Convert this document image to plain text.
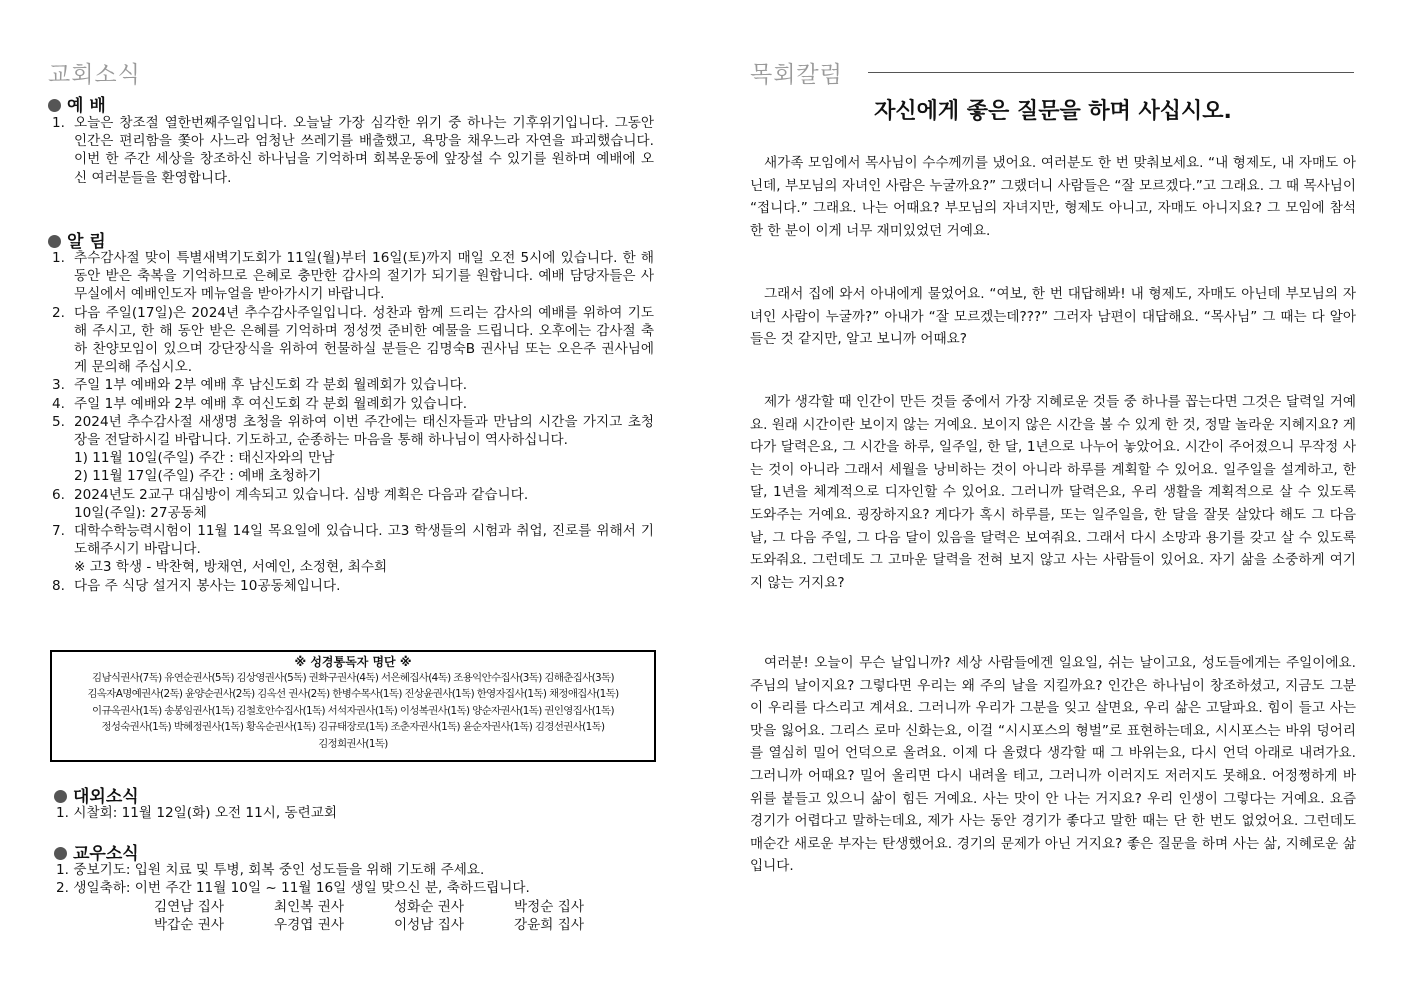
교회소식
예 배
1. 오늘은 창조절 열한번째주일입니다. 오늘날 가장 심각한 위기 중 하나는 기후위기입니다. 그동안 인간은 편리함을 쫓아 사느라 엄청난 쓰레기를 배출했고, 욕망을 채우느라 자연을 파괴했습니다. 이번 한 주간 세상을 창조하신 하나님을 기억하며 회복운동에 앞장설 수 있기를 원하며 예배에 오신 여러분들을 환영합니다.
알 림
1. 추수감사절 맞이 특별새벽기도회가 11일(월)부터 16일(토)까지 매일 오전 5시에 있습니다. 한 해 동안 받은 축복을 기억하므로 은혜로 충만한 감사의 절기가 되기를 원합니다. 예배 담당자들은 사무실에서 예배인도자 메뉴얼을 받아가시기 바랍니다.
2. 다음 주일(17일)은 2024년 추수감사주일입니다. 성찬과 함께 드리는 감사의 예배를 위하여 기도해 주시고, 한 해 동안 받은 은혜를 기억하며 정성껏 준비한 예물을 드립니다. 오후에는 감사절 축하 찬양모임이 있으며 강단장식을 위하여 헌물하실 분들은 김명숙B 권사님 또는 오은주 권사님에게 문의해 주십시오.
3. 주일 1부 예배와 2부 예배 후 남신도회 각 분회 월례회가 있습니다.
4. 주일 1부 예배와 2부 예배 후 여신도회 각 분회 월례회가 있습니다.
5. 2024년 추수감사절 새생명 초청을 위하여 이번 주간에는 태신자들과 만남의 시간을 가지고 초청장을 전달하시길 바랍니다. 기도하고, 순종하는 마음을 통해 하나님이 역사하십니다.
1) 11월 10일(주일) 주간 : 태신자와의 만남
2) 11월 17일(주일) 주간 : 예배 초청하기
6. 2024년도 2교구 대심방이 계속되고 있습니다. 심방 계획은 다음과 같습니다.
10일(주일): 27공동체
7. 대학수학능력시험이 11월 14일 목요일에 있습니다. 고3 학생들의 시험과 취업, 진로를 위해서 기도해주시기 바랍니다.
※ 고3 학생 - 박찬혁, 방채연, 서예인, 소정현, 최수희
8. 다음 주 식당 설거지 봉사는 10공동체입니다.
※ 성경통독자 명단 ※
김남식권사(7독) 유연순권사(5독) 김상영권사(5독) 권화구권사(4독) 서은혜집사(4독) 조용익안수집사(3독) 김해춘집사(3독)
김옥자A명예권사(2독) 윤양순권사(2독) 김옥선 권사(2독) 한병수목사(1독) 진상윤권사(1독) 한영자집사(1독) 채정애집사(1독)
이규옥권사(1독) 송봉임권사(1독) 김철호안수집사(1독) 서석자권사(1독) 이성복권사(1독) 양순자권사(1독) 권인영집사(1독)
정성숙권사(1독) 박혜정권사(1독) 황옥순권사(1독) 김규태장로(1독) 조춘자권사(1독) 윤순자권사(1독) 김경선권사(1독)
김정희권사(1독)
대외소식
1. 시찰회: 11월 12일(화) 오전 11시, 동련교회
교우소식
1. 중보기도: 입원 치료 및 투병, 회복 중인 성도들을 위해 기도해 주세요.
2. 생일축하: 이번 주간 11월 10일 ~ 11월 16일 생일 맞으신 분, 축하드립니다.
김연남 집사	최인복 권사	성화순 권사	박정순 집사
박갑순 권사	우경엽 권사	이성남 집사	강윤희 집사
목회칼럼
자신에게 좋은 질문을 하며 사십시오.

새가족 모임에서 목사님이 수수께끼를 냈어요. 여러분도 한 번 맞춰보세요. “내 형제도, 내 자매도 아닌데, 부모님의 자녀인 사람은 누굴까요?” 그랬더니 사람들은 “잘 모르겠다.”고 그래요. 그 때 목사님이 “접니다.” 그래요. 나는 어때요? 부모님의 자녀지만, 형제도 아니고, 자매도 아니지요? 그 모임에 참석한 한 분이 이게 너무 재미있었던 거예요.

그래서 집에 와서 아내에게 물었어요. “여보, 한 번 대답해봐! 내 형제도, 자매도 아닌데 부모님의 자녀인 사람이 누굴까?” 아내가 “잘 모르겠는데???” 그러자 남편이 대답해요. “목사님” 그 때는 다 알아 들은 것 같지만, 알고 보니까 어때요?

제가 생각할 때 인간이 만든 것들 중에서 가장 지혜로운 것들 중 하나를 꼽는다면 그것은 달력일 거예요. 원래 시간이란 보이지 않는 거예요. 보이지 않은 시간을 볼 수 있게 한 것, 정말 놀라운 지혜지요? 게다가 달력은요, 그 시간을 하루, 일주일, 한 달, 1년으로 나누어 놓았어요. 시간이 주어졌으니 무작정 사는 것이 아니라 그래서 세월을 낭비하는 것이 아니라 하루를 계획할 수 있어요. 일주일을 설계하고, 한 달, 1년을 체계적으로 디자인할 수 있어요. 그러니까 달력은요, 우리 생활을 계획적으로 살 수 있도록 도와주는 거예요. 굉장하지요? 게다가 혹시 하루를, 또는 일주일을, 한 달을 잘못 살았다 해도 그 다음 날, 그 다음 주일, 그 다음 달이 있음을 달력은 보여줘요. 그래서 다시 소망과 용기를 갖고 살 수 있도록 도와줘요. 그런데도 그 고마운 달력을 전혀 보지 않고 사는 사람들이 있어요. 자기 삶을 소중하게 여기지 않는 거지요?

여러분! 오늘이 무슨 날입니까? 세상 사람들에겐 일요일, 쉬는 날이고요, 성도들에게는 주일이에요. 주님의 날이지요? 그렇다면 우리는 왜 주의 날을 지킬까요? 인간은 하나님이 창조하셨고, 지금도 그분이 우리를 다스리고 계셔요. 그러니까 우리가 그분을 잊고 살면요, 우리 삶은 고달파요. 힘이 들고 사는 맛을 잃어요. 그리스 로마 신화는요, 이걸 “시시포스의 형벌”로 표현하는데요, 시시포스는 바위 덩어리를 열심히 밀어 언덕으로 올려요. 이제 다 올렸다 생각할 때 그 바위는요, 다시 언덕 아래로 내려가요. 그러니까 어때요? 밀어 올리면 다시 내려올 테고, 그러니까 이러지도 저러지도 못해요. 어정쩡하게 바위를 붙들고 있으니 삶이 힘든 거예요. 사는 맛이 안 나는 거지요? 우리 인생이 그렇다는 거예요. 요즘 경기가 어렵다고 말하는데요, 제가 사는 동안 경기가 좋다고 말한 때는 단 한 번도 없었어요. 그런데도 매순간 새로운 부자는 탄생했어요. 경기의 문제가 아닌 거지요? 좋은 질문을 하며 사는 삶, 지혜로운 삶입니다.
